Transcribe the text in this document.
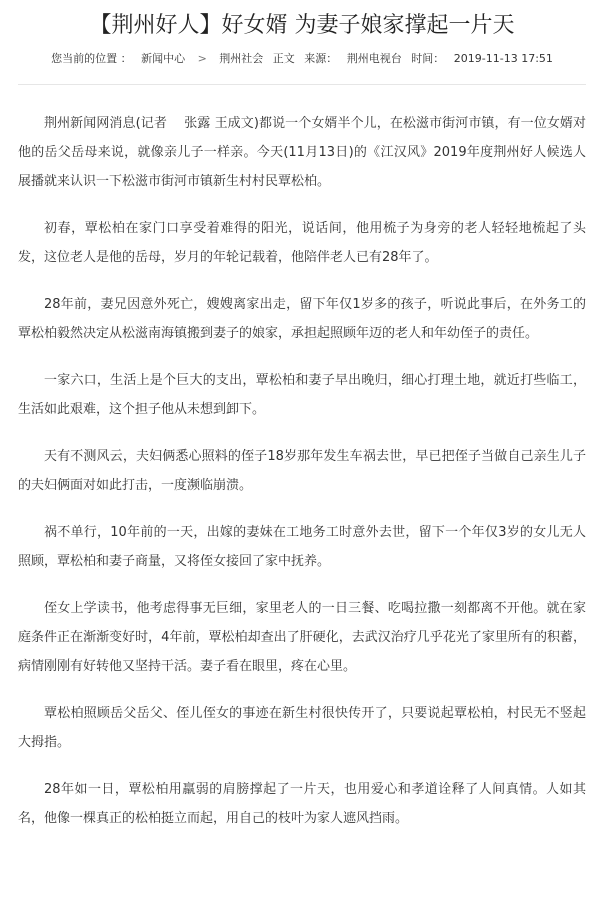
【荆州好人】好女婿 为妻子娘家撑起一片天
您当前的位置 ： 新闻中心 > 荆州社会 正文 来源： 荆州电视台 时间： 2019-11-13 17:51

荆州新闻网消息(记者　 张露 王成文)都说一个女婿半个儿，在松滋市街河市镇，有一位女婿对他的岳父岳母来说，就像亲儿子一样亲。今天(11月13日)的《江汉风》2019年度荆州好人候选人展播就来认识一下松滋市街河市镇新生村村民覃松柏。

初春，覃松柏在家门口享受着难得的阳光，说话间，他用梳子为身旁的老人轻轻地梳起了头发，这位老人是他的岳母，岁月的年轮记载着，他陪伴老人已有28年了。

28年前，妻兄因意外死亡，嫂嫂离家出走，留下年仅1岁多的孩子，听说此事后，在外务工的覃松柏毅然决定从松滋南海镇搬到妻子的娘家，承担起照顾年迈的老人和年幼侄子的责任。

一家六口，生活上是个巨大的支出，覃松柏和妻子早出晚归，细心打理土地，就近打些临工，生活如此艰难，这个担子他从未想到卸下。

天有不测风云，夫妇俩悉心照料的侄子18岁那年发生车祸去世，早已把侄子当做自己亲生儿子的夫妇俩面对如此打击，一度濒临崩溃。

祸不单行，10年前的一天，出嫁的妻妹在工地务工时意外去世，留下一个年仅3岁的女儿无人照顾，覃松柏和妻子商量，又将侄女接回了家中抚养。

侄女上学读书，他考虑得事无巨细，家里老人的一日三餐、吃喝拉撒一刻都离不开他。就在家庭条件正在渐渐变好时，4年前，覃松柏却查出了肝硬化，去武汉治疗几乎花光了家里所有的积蓄，病情刚刚有好转他又坚持干活。妻子看在眼里，疼在心里。

覃松柏照顾岳父岳父、侄儿侄女的事迹在新生村很快传开了，只要说起覃松柏，村民无不竖起大拇指。

28年如一日，覃松柏用羸弱的肩膀撑起了一片天，也用爱心和孝道诠释了人间真情。人如其名，他像一棵真正的松柏挺立而起，用自己的枝叶为家人遮风挡雨。
